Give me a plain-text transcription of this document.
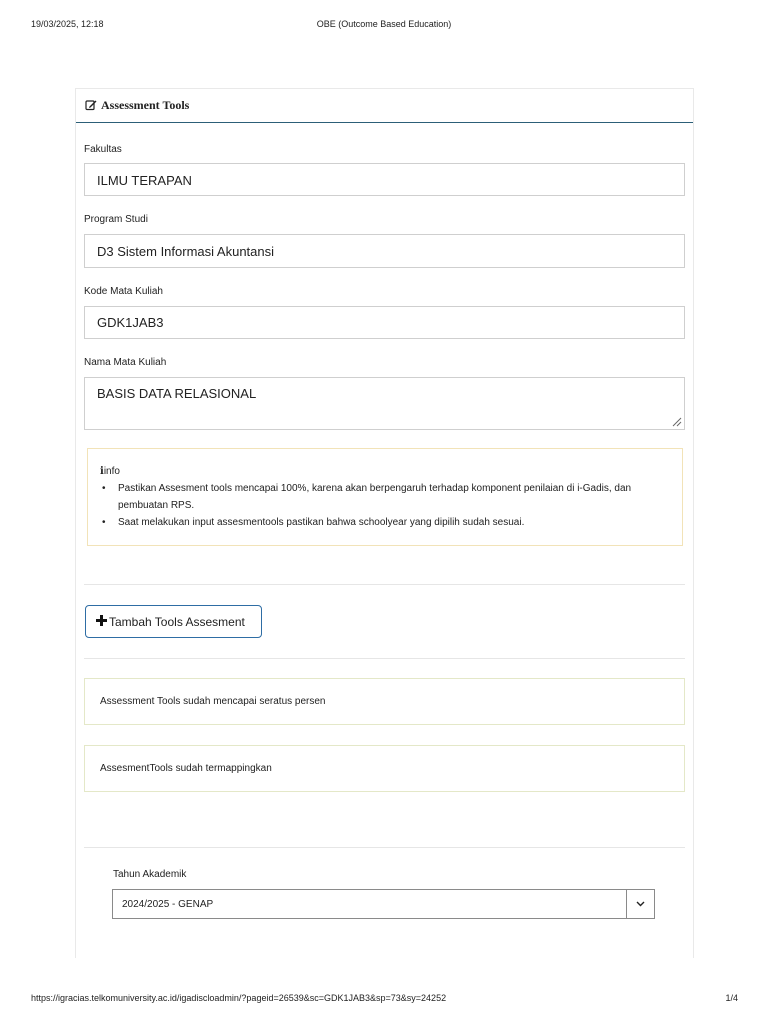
19/03/2025, 12:18	OBE (Outcome Based Education)
Assessment Tools
Fakultas
ILMU TERAPAN
Program Studi
D3 Sistem Informasi Akuntansi
Kode Mata Kuliah
GDK1JAB3
Nama Mata Kuliah
BASIS DATA RELASIONAL
iinfo
• Pastikan Assesment tools mencapai 100%, karena akan berpengaruh terhadap komponent penilaian di i-Gadis, dan pembuatan RPS.
• Saat melakukan input assesmentools pastikan bahwa schoolyear yang dipilih sudah sesuai.
Tambah Tools Assesment
Assessment Tools sudah mencapai seratus persen
AssesmentTools sudah termappingkan
Tahun Akademik
2024/2025 - GENAP
https://igracias.telkomuniversity.ac.id/igadiscloadmin/?pageid=26539&sc=GDK1JAB3&sp=73&sy=24252	1/4
